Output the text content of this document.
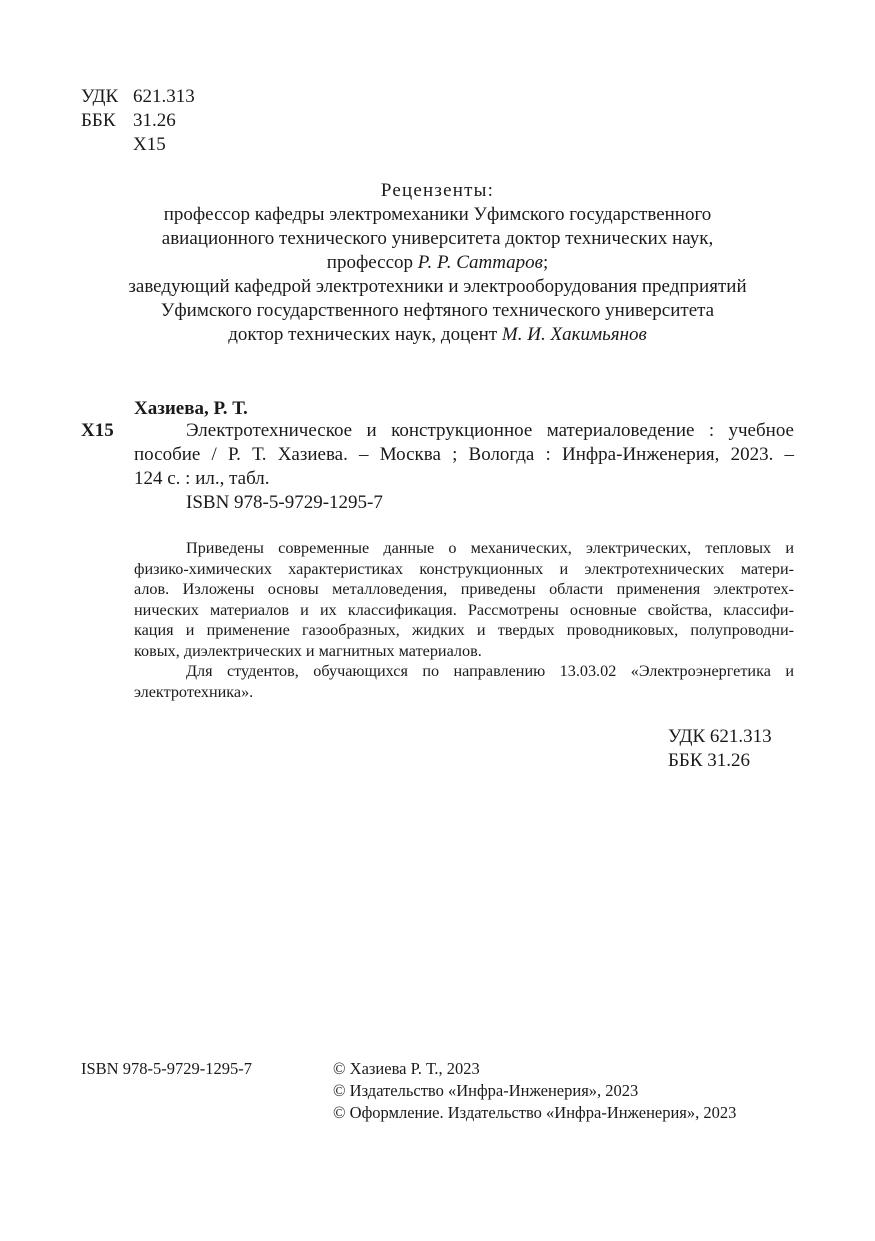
УДК 621.313
ББК 31.26
Х15
Рецензенты:
профессор кафедры электромеханики Уфимского государственного
авиационного технического университета доктор технических наук,
профессор Р. Р. Саттаров;
заведующий кафедрой электротехники и электрооборудования предприятий
Уфимского государственного нефтяного технического университета
доктор технических наук, доцент М. И. Хакимьянов
Хазиева, Р. Т.
Х15	Электротехническое и конструкционное материаловедение : учебное
пособие / Р. Т. Хазиева. – Москва ; Вологда : Инфра-Инженерия, 2023. –
124 с. : ил., табл.
ISBN 978-5-9729-1295-7
Приведены современные данные о механических, электрических, тепловых и
физико-химических характеристиках конструкционных и электротехнических матери-
алов. Изложены основы металловедения, приведены области применения электротех-
нических материалов и их классификация. Рассмотрены основные свойства, классифи-
кация и применение газообразных, жидких и твердых проводниковых, полупроводни-
ковых, диэлектрических и магнитных материалов.
Для студентов, обучающихся по направлению 13.03.02 «Электроэнергетика и
электротехника».
УДК 621.313
ББК 31.26
ISBN 978-5-9729-1295-7	© Хазиева Р. Т., 2023
© Издательство «Инфра-Инженерия», 2023
© Оформление. Издательство «Инфра-Инженерия», 2023
